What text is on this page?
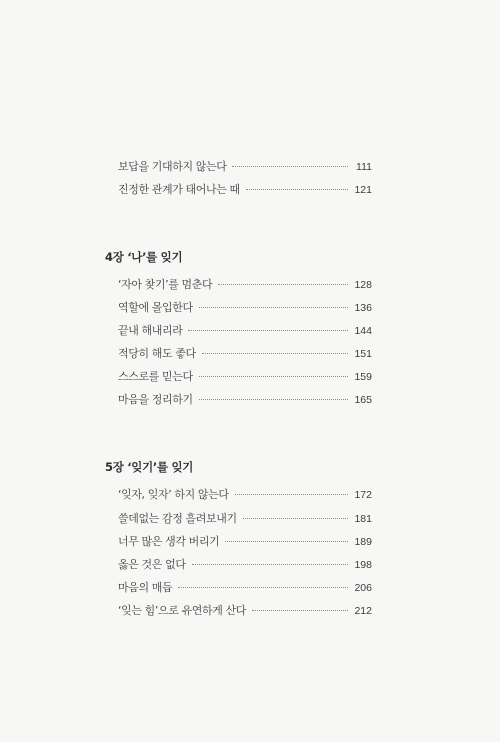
보답을 기대하지 않는다	111
진정한 관계가 태어나는 때	121
4장 ‘나’를 잊기
‘자아 찾기’를 멈춘다	128
역할에 몰입한다	136
끝내 해내리라	144
적당히 해도 좋다	151
스스로를 믿는다	159
마음을 정리하기	165
5장 ‘잊기’를 잊기
‘잊자, 잊자’ 하지 않는다	172
쓸데없는 감정 흘려보내기	181
너무 많은 생각 버리기	189
옳은 것은 없다	198
마음의 매듭	206
‘잊는 힘’으로 유연하게 산다	212
